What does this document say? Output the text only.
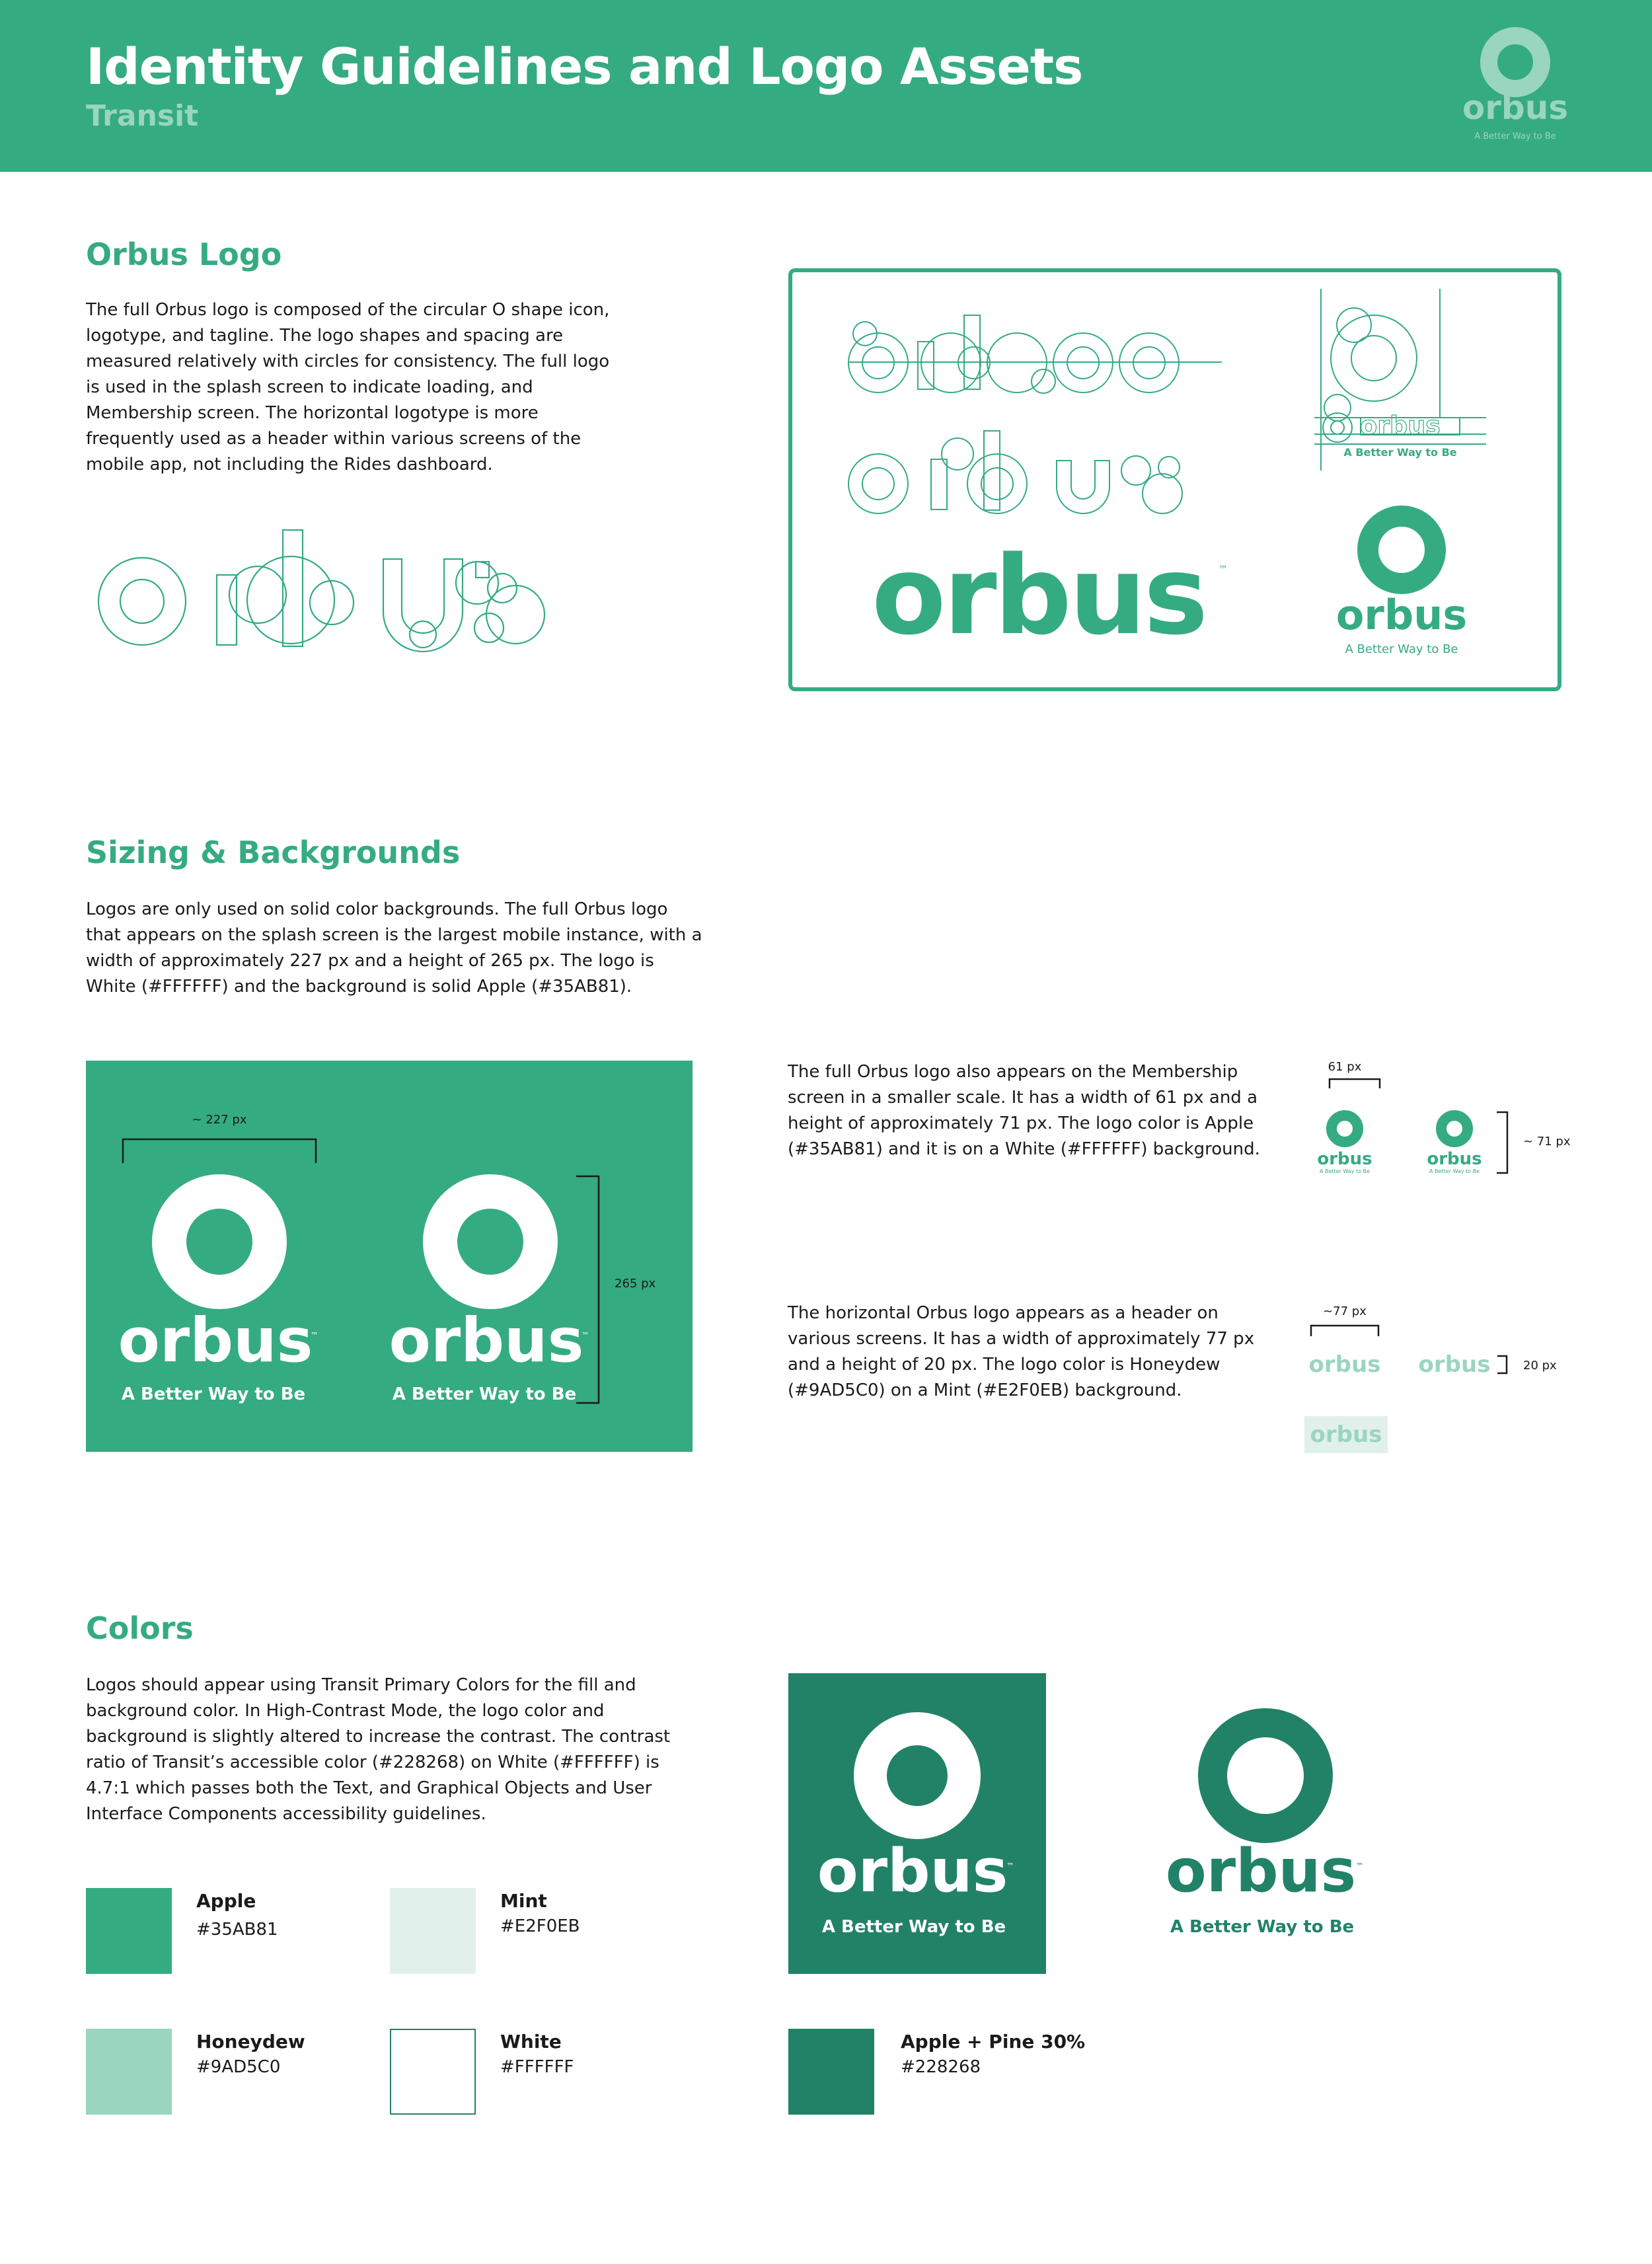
Identity Guidelines and Logo Assets
Transit	orbus
A Better Way to Be
Orbus Logo

The full Orbus logo is composed of the circular O shape icon, logotype, and tagline. The logo shapes and spacing are measured relatively with circles for consistency. The full logo is used in the splash screen to indicate loading, and Membership screen. The horizontal logotype is more frequently used as a header within various screens of the mobile app, not including the Rides dashboard.

orbus
A Better Way to Be
orbus ™
orbus
A Better Way to Be
Sizing & Backgrounds

Logos are only used on solid color backgrounds. The full Orbus logo that appears on the splash screen is the largest mobile instance, with a width of approximately 227 px and a height of 265 px. The logo is White (#FFFFFF) and the background is solid Apple (#35AB81).

~ 227 px
orbus
™
A Better Way to Be
orbus
™
A Better Way to Be
265 px

The full Orbus logo also appears on the Membership screen in a smaller scale. It has a width of 61 px and a height of approximately 71 px. The logo color is Apple (#35AB81) and it is on a White (#FFFFFF) background.

61 px
orbus
A Better Way to Be
orbus
A Better Way to Be
~ 71 px

The horizontal Orbus logo appears as a header on various screens. It has a width of approximately 77 px and a height of 20 px. The logo color is Honeydew (#9AD5C0) on a Mint (#E2F0EB) background.

~77 px
orbus orbus	20 px
orbus
Colors

Logos should appear using Transit Primary Colors for the fill and background color. In High-Contrast Mode, the logo color and background is slightly altered to increase the contrast. The contrast ratio of Transit’s accessible color (#228268) on White (#FFFFFF) is 4.7:1 which passes both the Text, and Graphical Objects and User Interface Components accessibility guidelines.

Apple

#35AB81

Mint

#E2F0EB

Honeydew

#9AD5C0

White

#FFFFFF

Apple + Pine 30%

#228268

orbus
™
A Better Way to Be
orbus ™
A Better Way to Be
